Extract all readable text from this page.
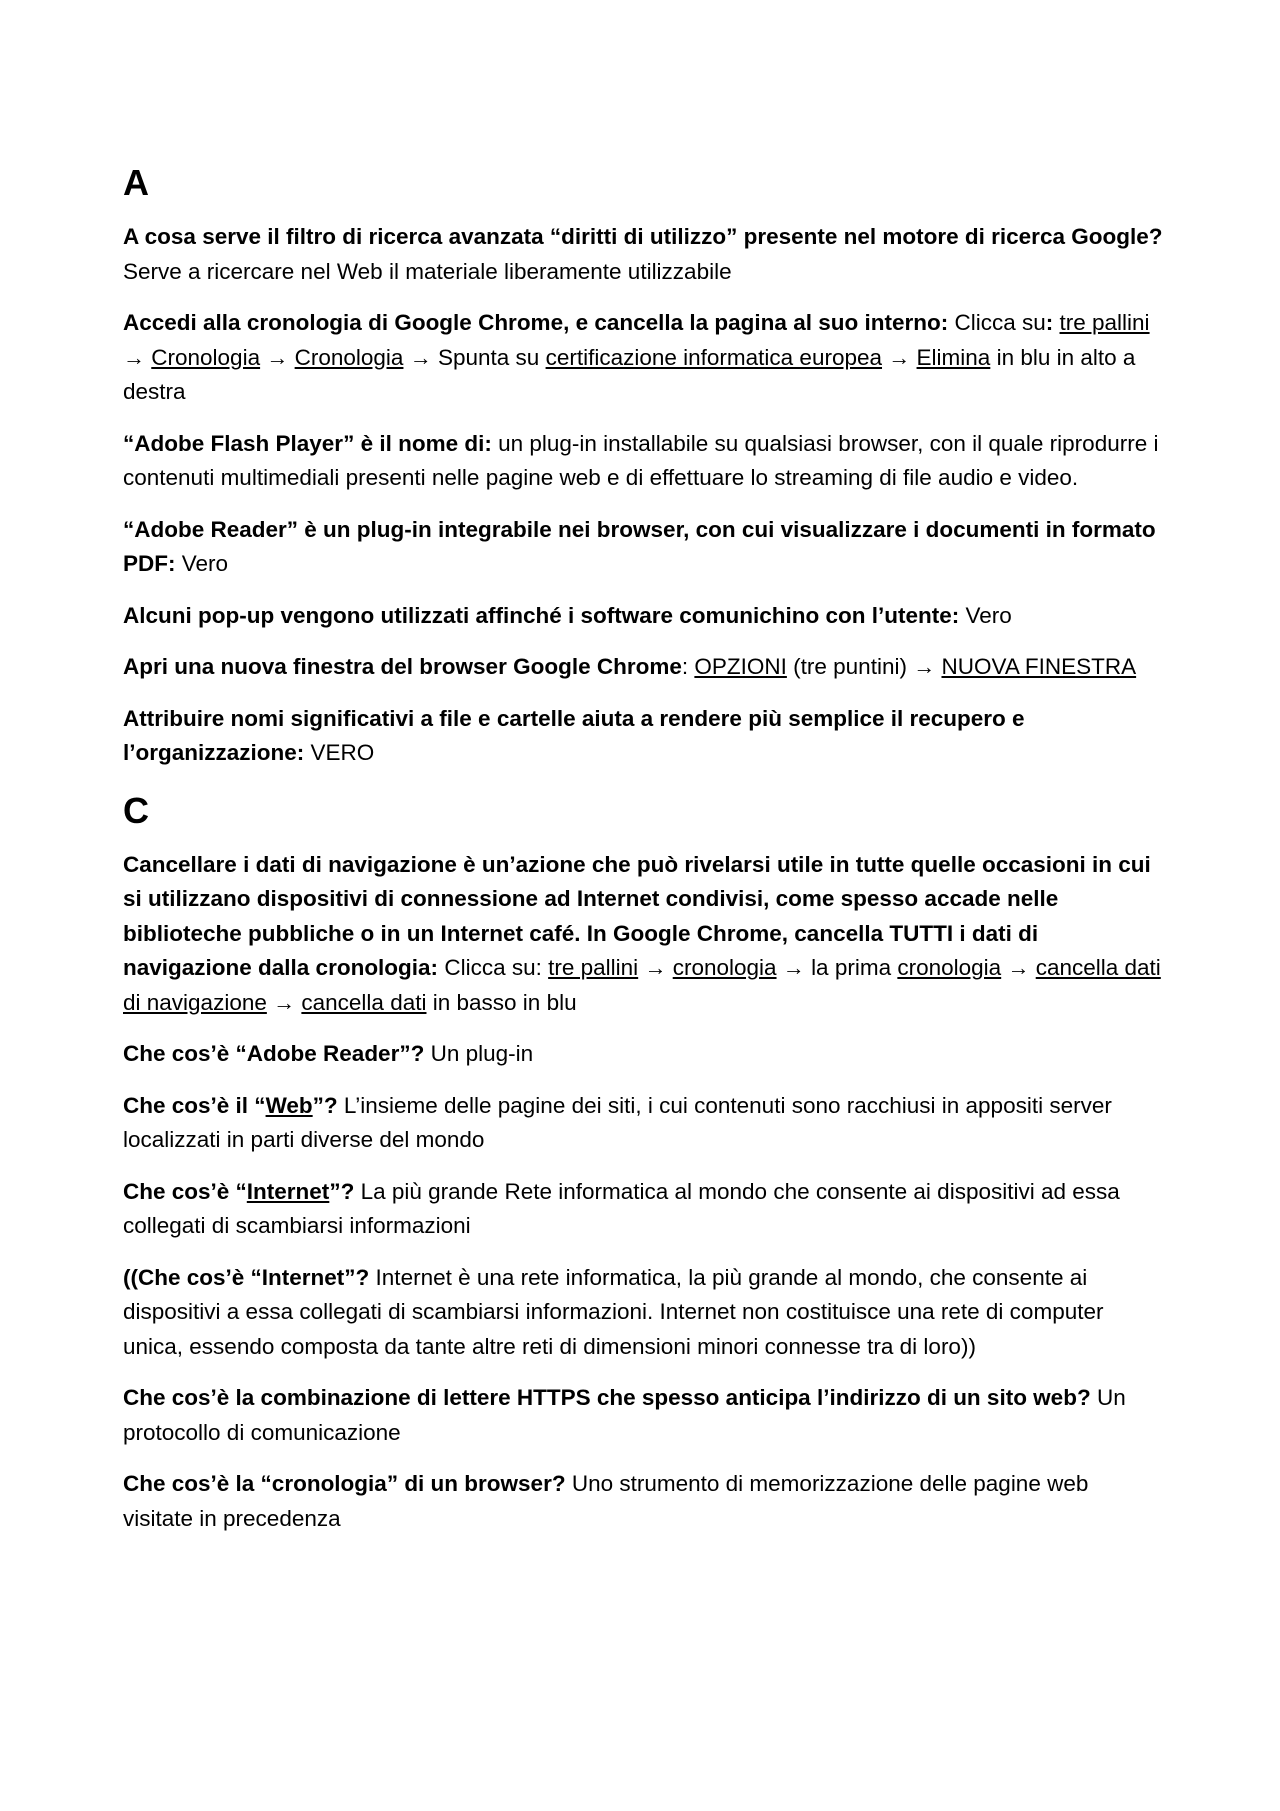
A

A cosa serve il filtro di ricerca avanzata “diritti di utilizzo” presente nel motore di ricerca Google?
Serve a ricercare nel Web il materiale liberamente utilizzabile

Accedi alla cronologia di Google Chrome, e cancella la pagina al suo interno: Clicca su: tre pallini → Cronologia → Cronologia → Spunta su certificazione informatica europea → Elimina in blu in alto a destra

“Adobe Flash Player” è il nome di: un plug-in installabile su qualsiasi browser, con il quale riprodurre i contenuti multimediali presenti nelle pagine web e di effettuare lo streaming di file audio e video.

“Adobe Reader” è un plug-in integrabile nei browser, con cui visualizzare i documenti in formato PDF: Vero

Alcuni pop-up vengono utilizzati affinché i software comunichino con l’utente: Vero

Apri una nuova finestra del browser Google Chrome: OPZIONI (tre puntini) → NUOVA FINESTRA

Attribuire nomi significativi a file e cartelle aiuta a rendere più semplice il recupero e l’organizzazione: VERO

C

Cancellare i dati di navigazione è un’azione che può rivelarsi utile in tutte quelle occasioni in cui si utilizzano dispositivi di connessione ad Internet condivisi, come spesso accade nelle biblioteche pubbliche o in un Internet café. In Google Chrome, cancella TUTTI i dati di navigazione dalla cronologia: Clicca su: tre pallini → cronologia → la prima cronologia → cancella dati di navigazione → cancella dati in basso in blu

Che cos’è “Adobe Reader”? Un plug-in

Che cos’è il “Web”? L’insieme delle pagine dei siti, i cui contenuti sono racchiusi in appositi server localizzati in parti diverse del mondo

Che cos’è “Internet”? La più grande Rete informatica al mondo che consente ai dispositivi ad essa collegati di scambiarsi informazioni

((Che cos’è “Internet”? Internet è una rete informatica, la più grande al mondo, che consente ai dispositivi a essa collegati di scambiarsi informazioni. Internet non costituisce una rete di computer unica, essendo composta da tante altre reti di dimensioni minori connesse tra di loro))

Che cos’è la combinazione di lettere HTTPS che spesso anticipa l’indirizzo di un sito web? Un protocollo di comunicazione

Che cos’è la “cronologia” di un browser? Uno strumento di memorizzazione delle pagine web visitate in precedenza
